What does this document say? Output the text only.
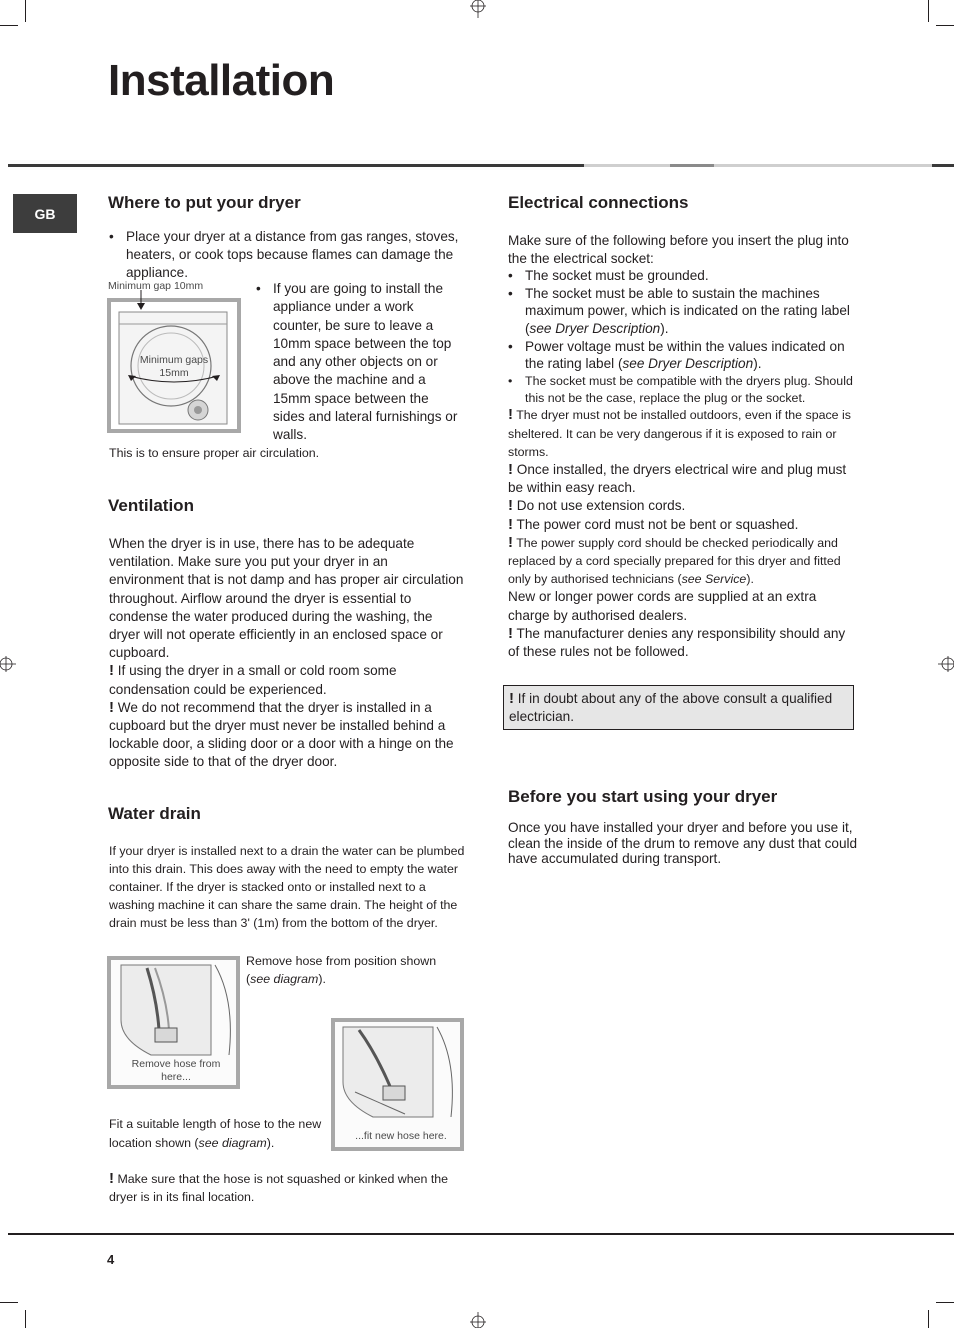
Installation
GB
Where to put your dryer
• Place your dryer at a distance from gas ranges, stoves, heaters, or cook tops because flames can damage the appliance.
Minimum gap 10mm
Minimum gaps 15mm
• If you are going to install the appliance under a work counter, be sure to leave a 10mm space between the top and any other objects on or above the machine and a 15mm space between the sides and lateral furnishings or walls.

This is to ensure proper air circulation.

Ventilation

When the dryer is in use, there has to be adequate ventilation. Make sure you put your dryer in an environment that is not damp and has proper air circulation throughout. Airflow around the dryer is essential to condense the water produced during the washing, the dryer will not operate efficiently in an enclosed space or cupboard.

! If using the dryer in a small or cold room some condensation could be experienced.

! We do not recommend that the dryer is installed in a cupboard but the dryer must never be installed behind a lockable door, a sliding door or a door with a hinge on the opposite side to that of the dryer door.

Water drain

If your dryer is installed next to a drain the water can be plumbed into this drain. This does away with the need to empty the water container. If the dryer is stacked onto or installed next to a washing machine it can share the same drain. The height of the drain must be less than 3' (1m) from the bottom of the dryer.

Remove hose from here...

Remove hose from position shown (see diagram).

...fit new hose here.

Fit a suitable length of hose to the new location shown (see diagram).

! Make sure that the hose is not squashed or kinked when the dryer is in its final location.

Electrical connections

Make sure of the following before you insert the plug into the the electrical socket:

• The socket must be grounded.
• The socket must be able to sustain the machines maximum power, which is indicated on the rating label (see Dryer Description).
• Power voltage must be within the values indicated on the rating label (see Dryer Description).
• The socket must be compatible with the dryers plug. Should this not be the case, replace the plug or the socket.

! The dryer must not be installed outdoors, even if the space is sheltered. It can be very dangerous if it is exposed to rain or storms.

! Once installed, the dryers electrical wire and plug must be within easy reach.

! Do not use extension cords.

! The power cord must not be bent or squashed.

! The power supply cord should be checked periodically and replaced by a cord specially prepared for this dryer and fitted only by authorised technicians (see Service).

New or longer power cords are supplied at an extra charge by authorised dealers.

! The manufacturer denies any responsibility should any of these rules not be followed.

! If in doubt about any of the above consult a qualified electrician.
Before you start using your dryer

Once you have installed your dryer and before you use it, clean the inside of the drum to remove any dust that could have accumulated during transport.

4
